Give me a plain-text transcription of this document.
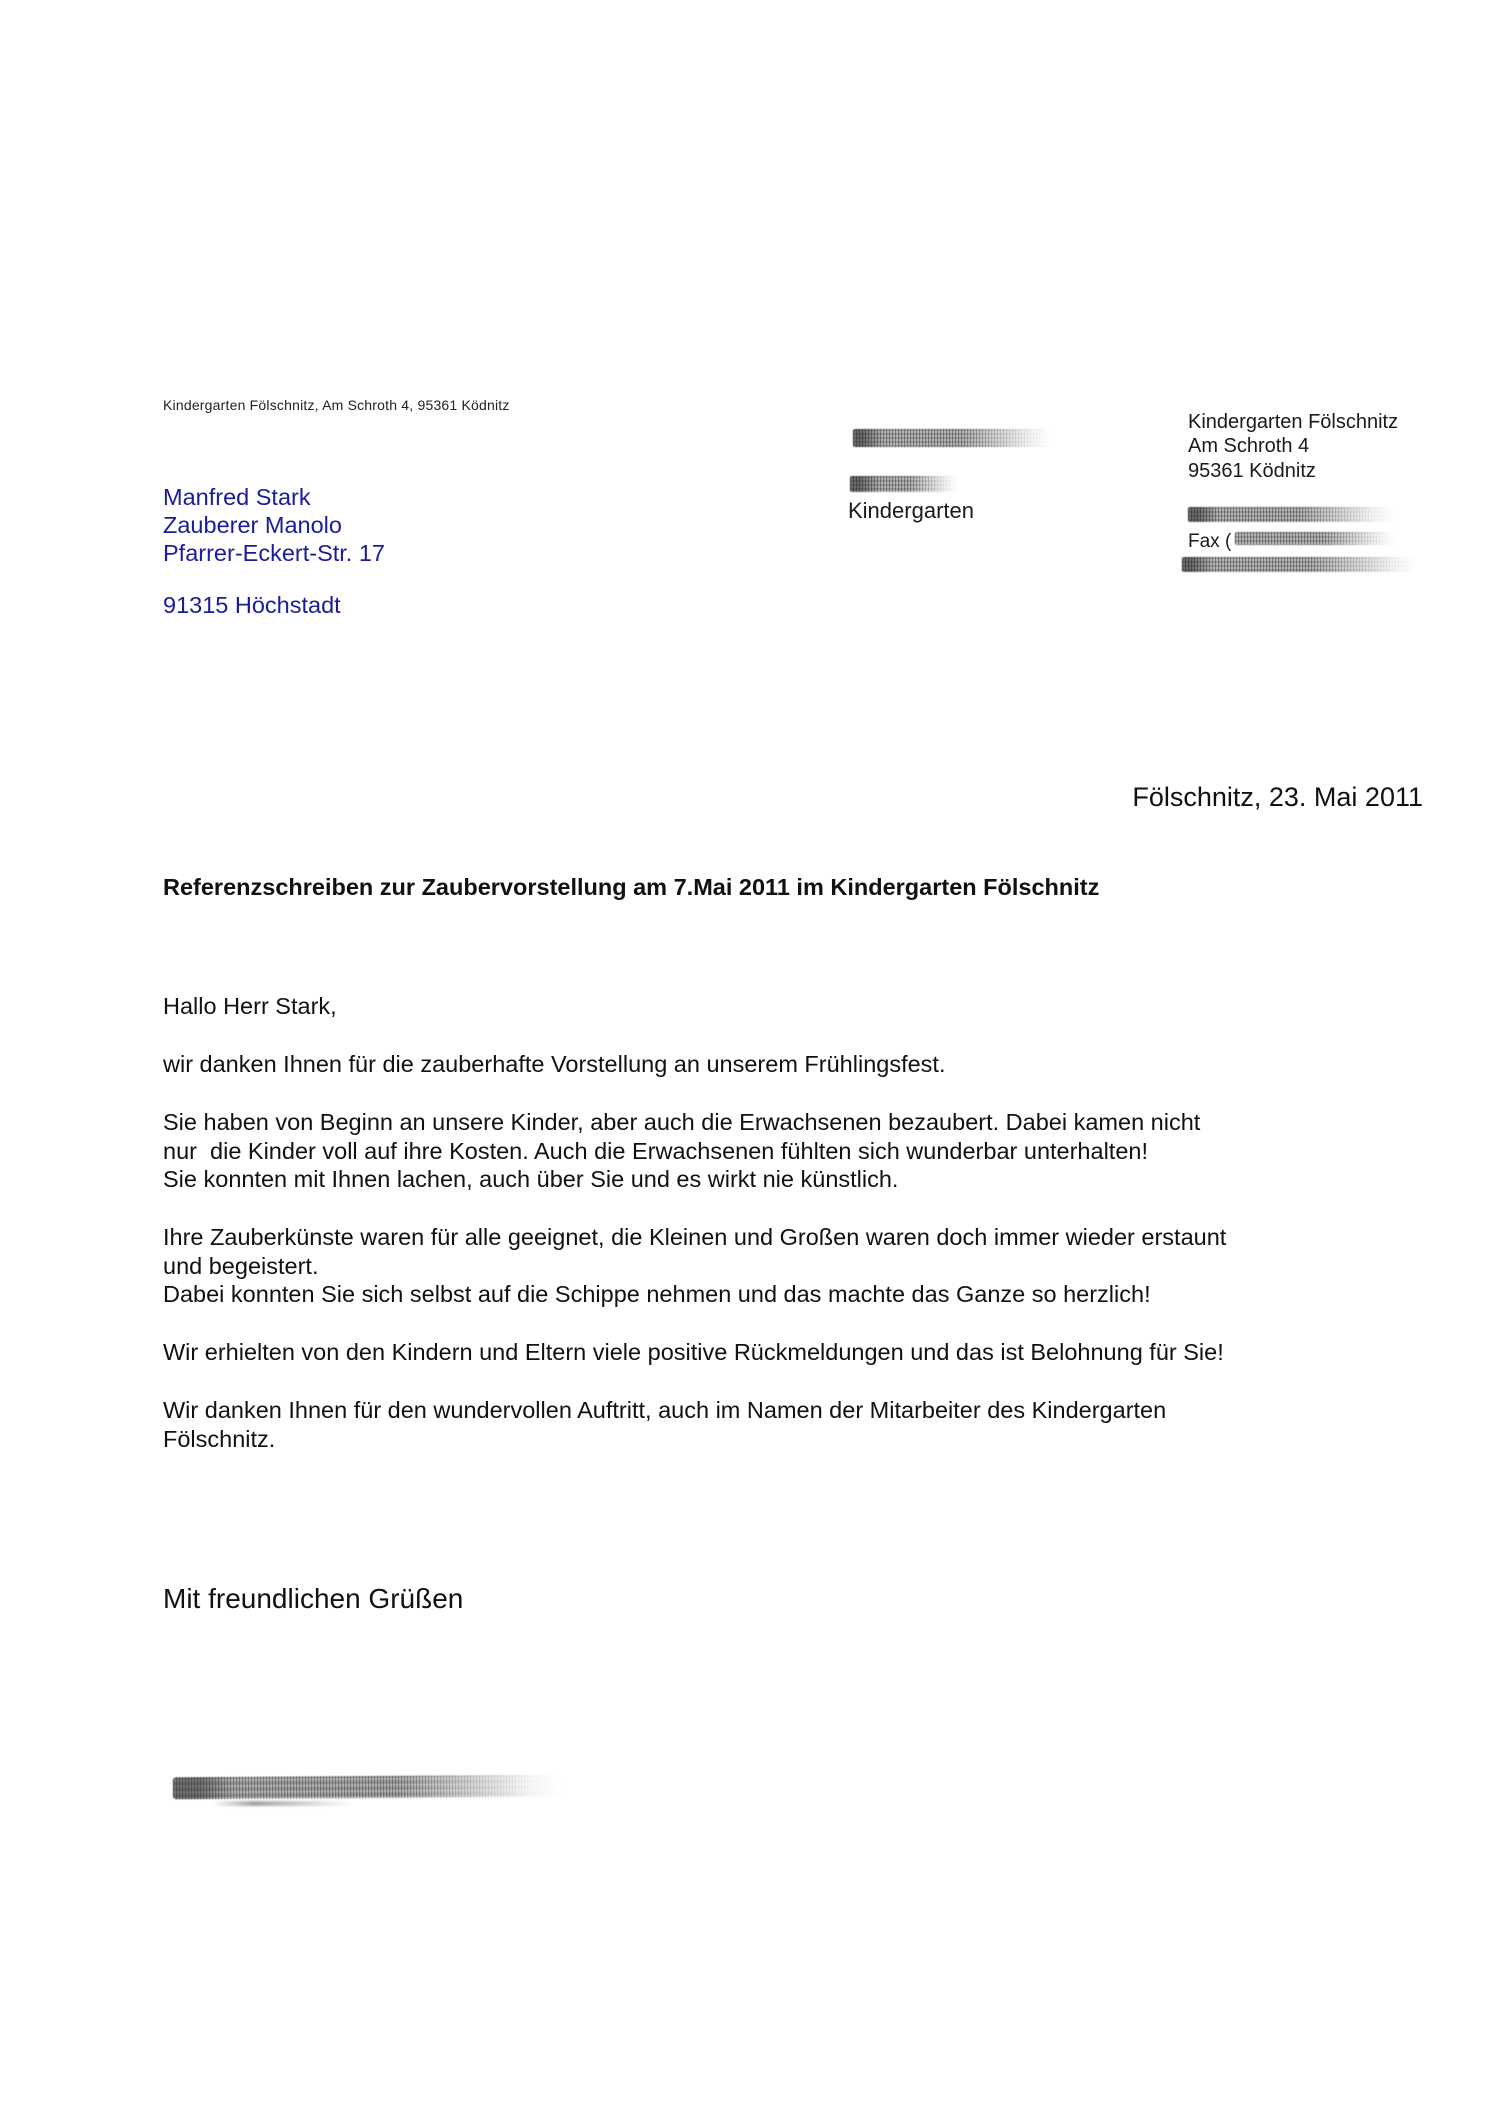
Kindergarten Fölschnitz, Am Schroth 4, 95361 Ködnitz
Manfred Stark
Zauberer Manolo
Pfarrer-Eckert-Str. 17
91315 Höchstadt
Kindergarten
Kindergarten Fölschnitz
Am Schroth 4
95361 Ködnitz
Fax (
Fölschnitz, 23. Mai 2011
Referenzschreiben zur Zaubervorstellung am 7.Mai 2011 im Kindergarten Fölschnitz

Hallo Herr Stark,

wir danken Ihnen für die zauberhafte Vorstellung an unserem Frühlingsfest.

Sie haben von Beginn an unsere Kinder, aber auch die Erwachsenen bezaubert. Dabei kamen nicht
nur  die Kinder voll auf ihre Kosten. Auch die Erwachsenen fühlten sich wunderbar unterhalten!
Sie konnten mit Ihnen lachen, auch über Sie und es wirkt nie künstlich.

Ihre Zauberkünste waren für alle geeignet, die Kleinen und Großen waren doch immer wieder erstaunt
und begeistert.
Dabei konnten Sie sich selbst auf die Schippe nehmen und das machte das Ganze so herzlich!

Wir erhielten von den Kindern und Eltern viele positive Rückmeldungen und das ist Belohnung für Sie!

Wir danken Ihnen für den wundervollen Auftritt, auch im Namen der Mitarbeiter des Kindergarten
Fölschnitz.

Mit freundlichen Grüßen
